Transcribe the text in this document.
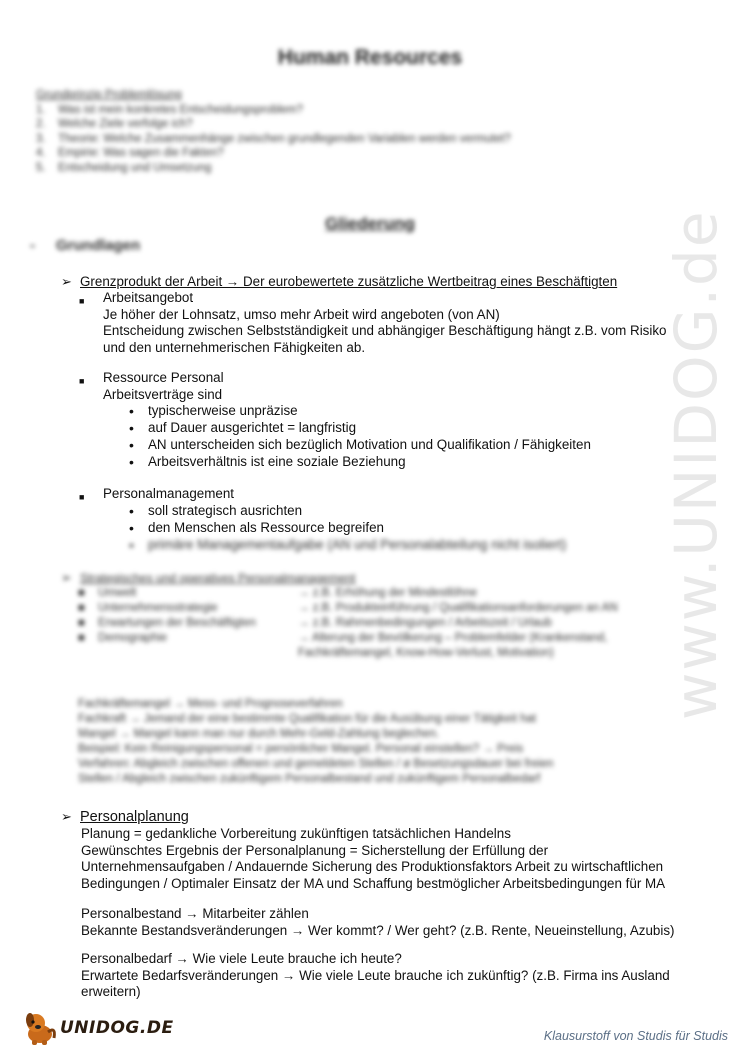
www.UNIDOG.de
Human Resources
Grundprinzip Problemlösung
1.	Was ist mein konkretes Entscheidungsproblem?
2.	Welche Ziele verfolge ich?
3.	Theorie: Welche Zusammenhänge zwischen grundlegenden Variablen werden vermutet?
4.	Empirie: Was sagen die Fakten?
5.	Entscheidung und Umsetzung
Gliederung
- Grundlagen
➢ Grenzprodukt der Arbeit → Der eurobewertete zusätzliche Wertbeitrag eines Beschäftigten
■ Arbeitsangebot
Je höher der Lohnsatz, umso mehr Arbeit wird angeboten (von AN)
Entscheidung zwischen Selbstständigkeit und abhängiger Beschäftigung hängt z.B. vom Risiko
und den unternehmerischen Fähigkeiten ab.
■ Ressource Personal
Arbeitsverträge sind
• typischerweise unpräzise
• auf Dauer ausgerichtet = langfristig
• AN unterscheiden sich bezüglich Motivation und Qualifikation / Fähigkeiten
• Arbeitsverhältnis ist eine soziale Beziehung
■ Personalmanagement
• soll strategisch ausrichten
• den Menschen als Ressource begreifen
• primäre Managementaufgabe (AN und Personalabteilung nicht isoliert)
➢ Strategisches und operatives Personalmanagement
■	Umwelt	→ z.B. Erhöhung der Mindestlöhne
■	Unternehmensstrategie	→ z.B. Produkteinführung / Qualifikationsanforderungen an AN
■	Erwartungen der Beschäftigten	→ z.B. Rahmenbedingungen / Arbeitszeit / Urlaub
■	Demographie	→ Alterung der Bevölkerung – Problemfelder (Krankenstand,
Fachkräftemangel, Know-How-Verlust, Motivation)
Fachkräftemangel → Mess- und Prognoseverfahren
Fachkraft → Jemand der eine bestimmte Qualifikation für die Ausübung einer Tätigkeit hat
Mangel → Mangel kann man nur durch Mehr-Geld-Zahlung beglechen.
Beispiel: Kein Reinigungspersonal = persönlicher Mangel. Personal einstellen? → Preis
Verfahren: Abgleich zwischen offenen und gemeldeten Stellen / ø Besetzungsdauer bei freien
Stellen / Abgleich zwischen zukünftigem Personalbestand und zukünftigem Personalbedarf
➢ Personalplanung
Planung = gedankliche Vorbereitung zukünftigen tatsächlichen Handelns
Gewünschtes Ergebnis der Personalplanung = Sicherstellung der Erfüllung der
Unternehmensaufgaben / Andauernde Sicherung des Produktionsfaktors Arbeit zu wirtschaftlichen
Bedingungen / Optimaler Einsatz der MA und Schaffung bestmöglicher Arbeitsbedingungen für MA
Personalbestand → Mitarbeiter zählen
Bekannte Bestandsveränderungen → Wer kommt? / Wer geht? (z.B. Rente, Neueinstellung, Azubis)
Personalbedarf → Wie viele Leute brauche ich heute?
Erwartete Bedarfsveränderungen → Wie viele Leute brauche ich zukünftig? (z.B. Firma ins Ausland
erweitern)
UNIDOG.DE	Klausurstoff von Studis für Studis
